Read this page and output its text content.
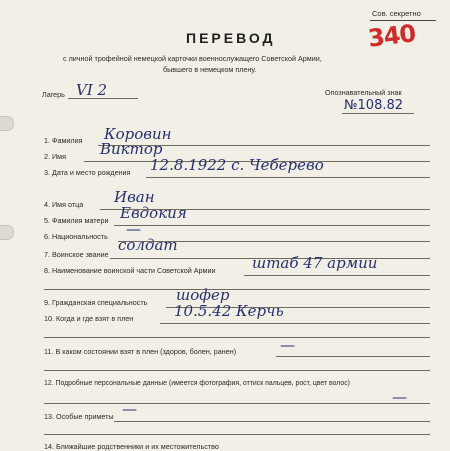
Сов. секретно
340
ПЕРЕВОД
с личной трофейной немецкой карточки военнослужащего Советской Армии,
бывшего в немецком плену.
Лагерь VI 2	Опознавательный знак
№108.82
1. Фамилия Коровин
2. Имя Виктор
3. Дата и место рождения 12.8.1922 с. Чеберево
4. Имя отца Иван
5. Фамилия матери Евдокия
6. Национальность —
7. Воинское звание
солдат
8. Наименование воинской части Советской Армии штаб 47 армии
9. Гражданская специальность шофер
10. Когда и где взят в плен	10.5.42 Керчь
11. В каком состоянии взят в плен (здоров, болен, ранен)	—
12. Подробные персональные данные (имеется фотография, оттиск пальцев, рост, цвет волос)
—
13. Особые приметы —
14. Ближайшие родственники и их местожительство
